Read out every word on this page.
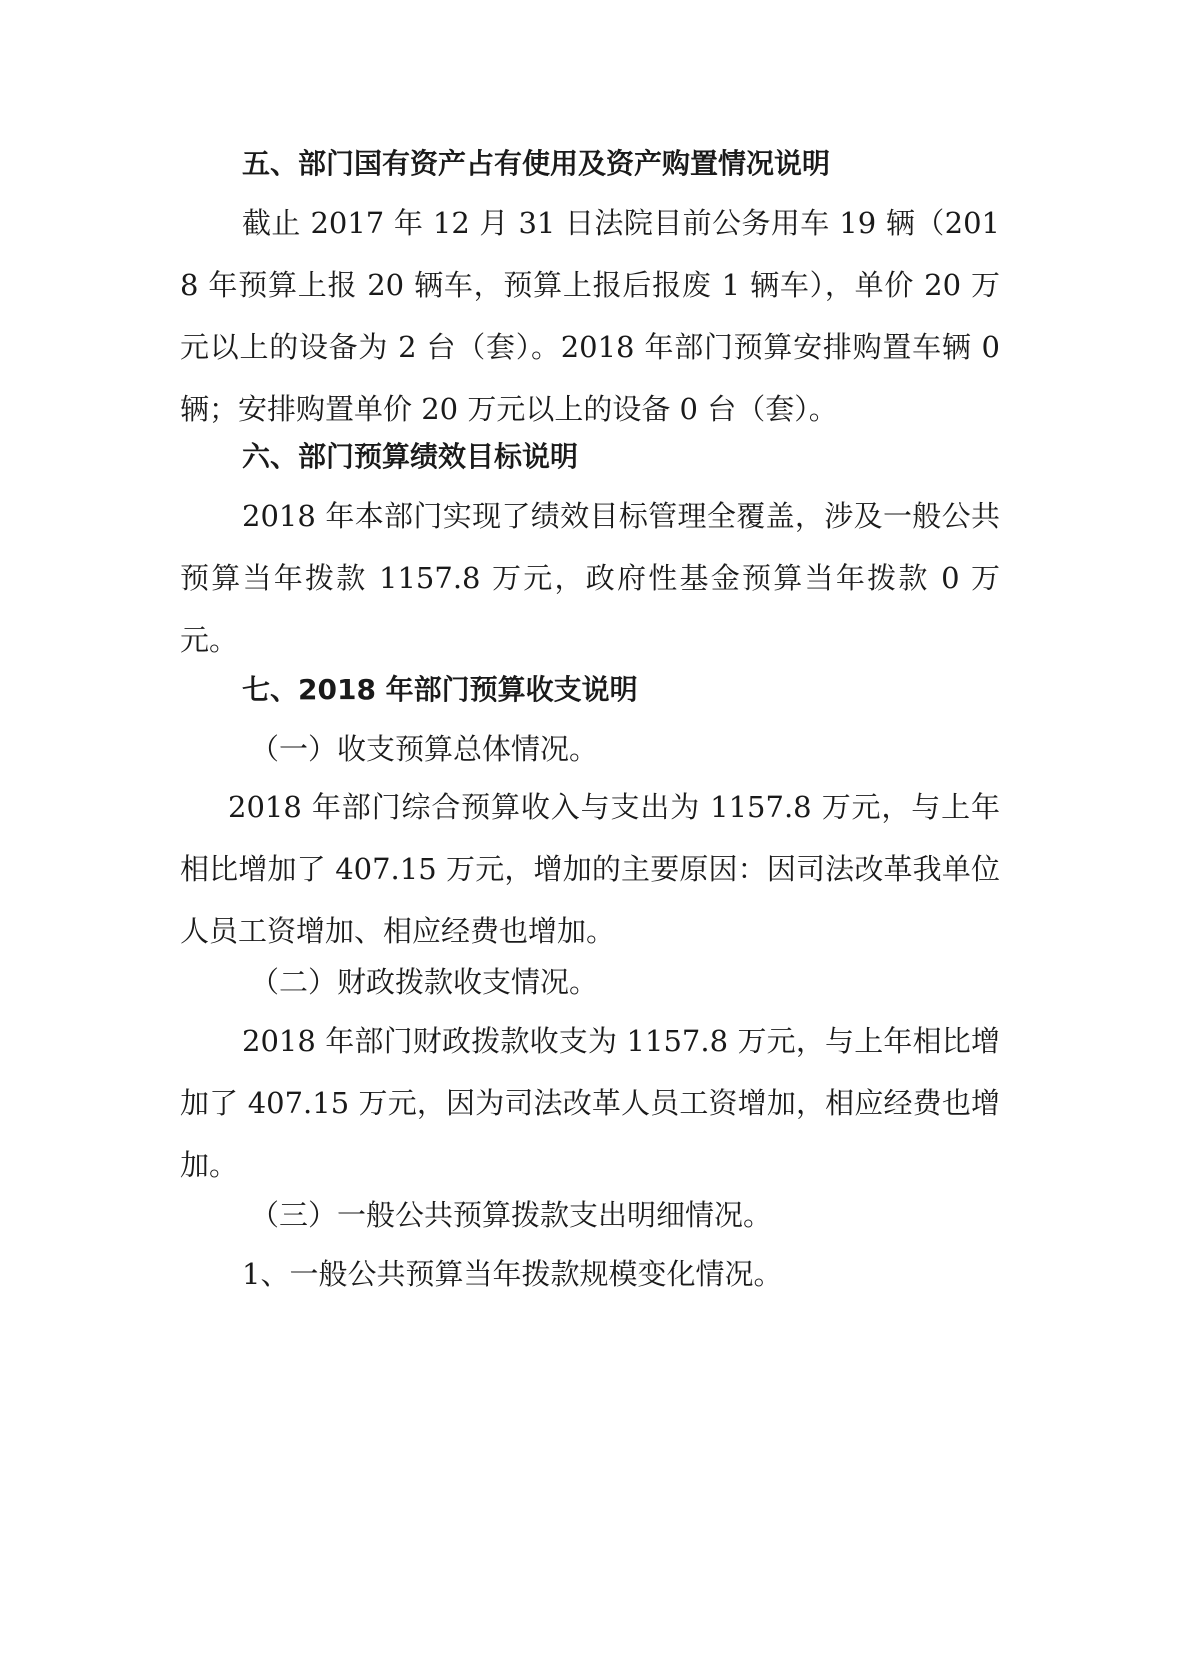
五、部门国有资产占有使用及资产购置情况说明

截止 2017 年 12 月 31 日法院目前公务用车 19 辆（2018 年预算上报 20 辆车，预算上报后报废 1 辆车），单价 20 万元以上的设备为 2 台（套）。2018 年部门预算安排购置车辆 0 辆；安排购置单价 20 万元以上的设备 0 台（套）。

六、部门预算绩效目标说明

2018 年本部门实现了绩效目标管理全覆盖，涉及一般公共预算当年拨款 1157.8 万元，政府性基金预算当年拨款 0 万元。

七、2018 年部门预算收支说明

（一）收支预算总体情况。

2018 年部门综合预算收入与支出为 1157.8 万元，与上年相比增加了 407.15 万元，增加的主要原因：因司法改革我单位人员工资增加、相应经费也增加。

（二）财政拨款收支情况。

2018 年部门财政拨款收支为 1157.8 万元，与上年相比增加了 407.15 万元，因为司法改革人员工资增加，相应经费也增加。

（三）一般公共预算拨款支出明细情况。

1、一般公共预算当年拨款规模变化情况。
